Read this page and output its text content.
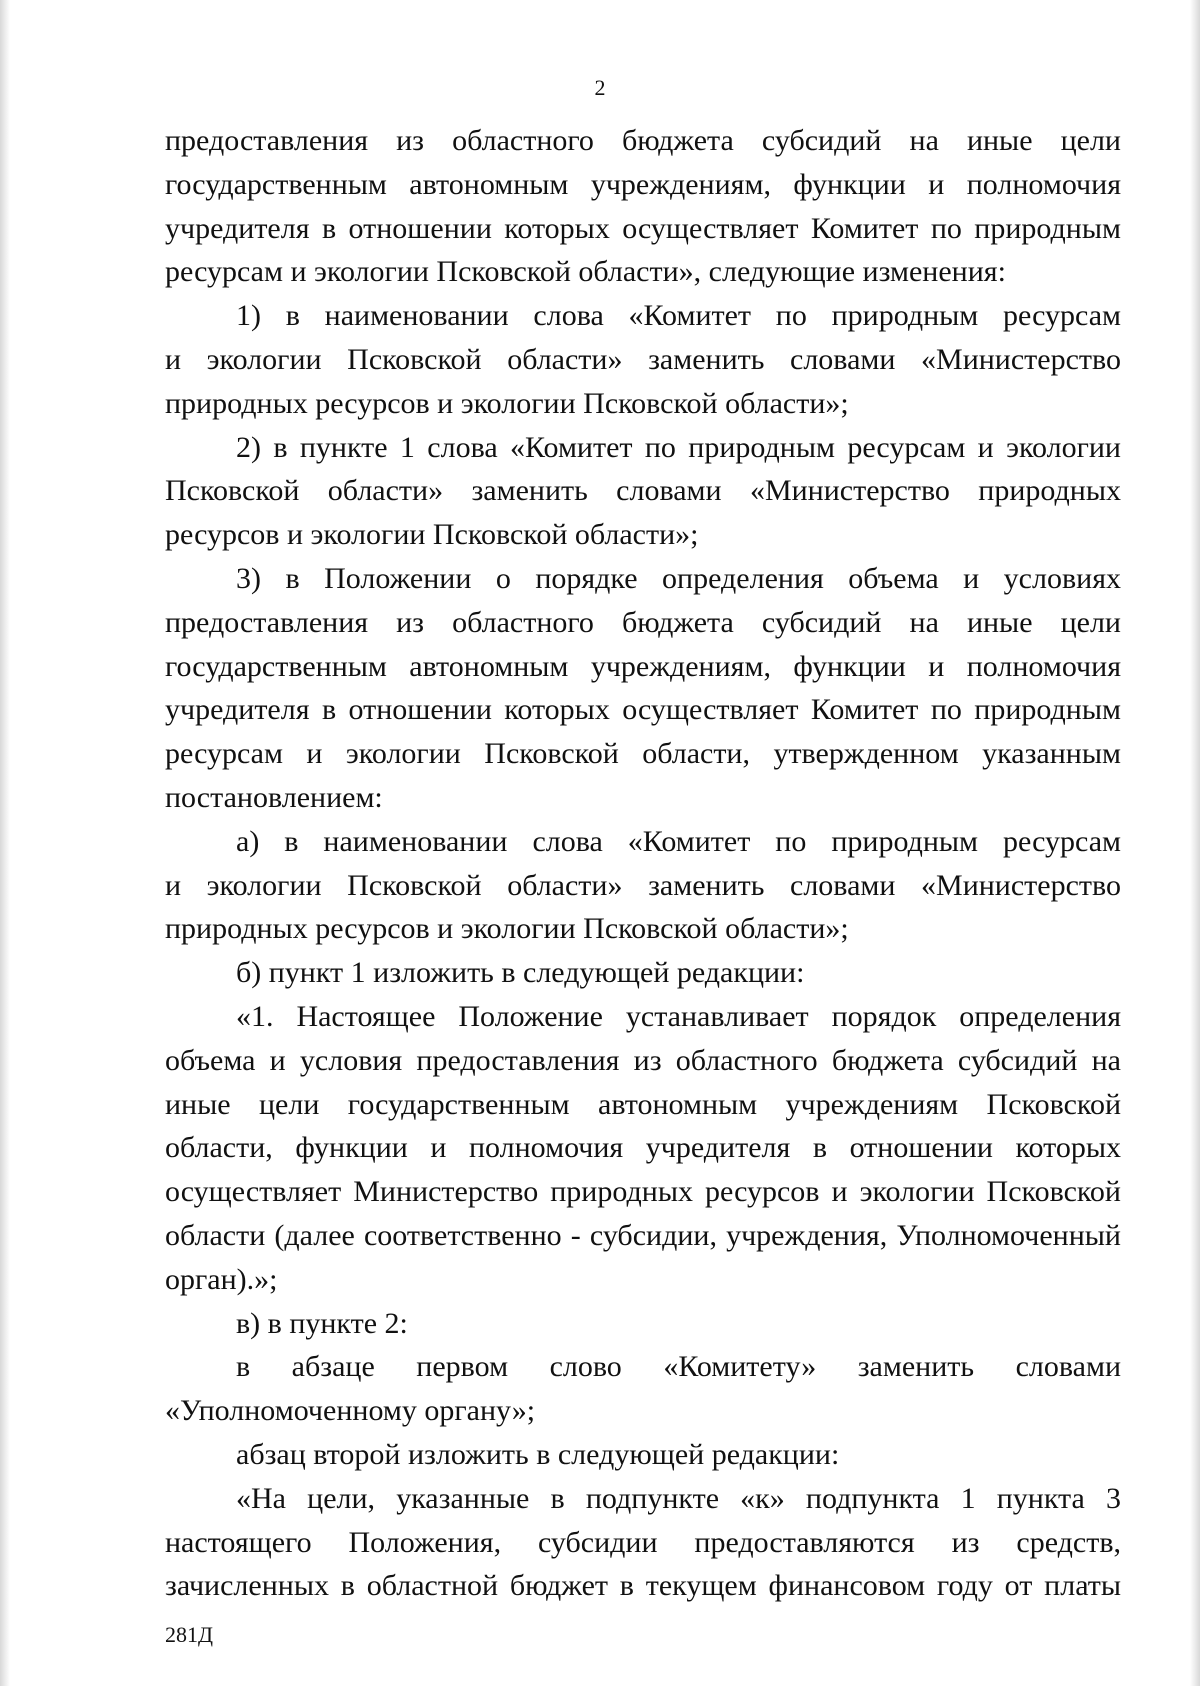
2
предоставления из областного бюджета субсидий на иные цели
государственным автономным учреждениям, функции и полномочия
учредителя в отношении которых осуществляет Комитет по природным
ресурсам и экологии Псковской области», следующие изменения:
1) в наименовании слова «Комитет по природным ресурсам
и экологии Псковской области» заменить словами «Министерство
природных ресурсов и экологии Псковской области»;
2) в пункте 1 слова «Комитет по природным ресурсам и экологии
Псковской области» заменить словами «Министерство природных
ресурсов и экологии Псковской области»;
3) в Положении о порядке определения объема и условиях
предоставления из областного бюджета субсидий на иные цели
государственным автономным учреждениям, функции и полномочия
учредителя в отношении которых осуществляет Комитет по природным
ресурсам и экологии Псковской области, утвержденном указанным
постановлением:
а) в наименовании слова «Комитет по природным ресурсам
и экологии Псковской области» заменить словами «Министерство
природных ресурсов и экологии Псковской области»;
б) пункт 1 изложить в следующей редакции:
«1. Настоящее Положение устанавливает порядок определения
объема и условия предоставления из областного бюджета субсидий на
иные цели государственным автономным учреждениям Псковской
области, функции и полномочия учредителя в отношении которых
осуществляет Министерство природных ресурсов и экологии Псковской
области (далее соответственно - субсидии, учреждения, Уполномоченный
орган).»;
в) в пункте 2:
в абзаце первом слово «Комитету» заменить словами
«Уполномоченному органу»;
абзац второй изложить в следующей редакции:
«На цели, указанные в подпункте «к» подпункта 1 пункта 3
настоящего Положения, субсидии предоставляются из средств,
зачисленных в областной бюджет в текущем финансовом году от платы
281Д
